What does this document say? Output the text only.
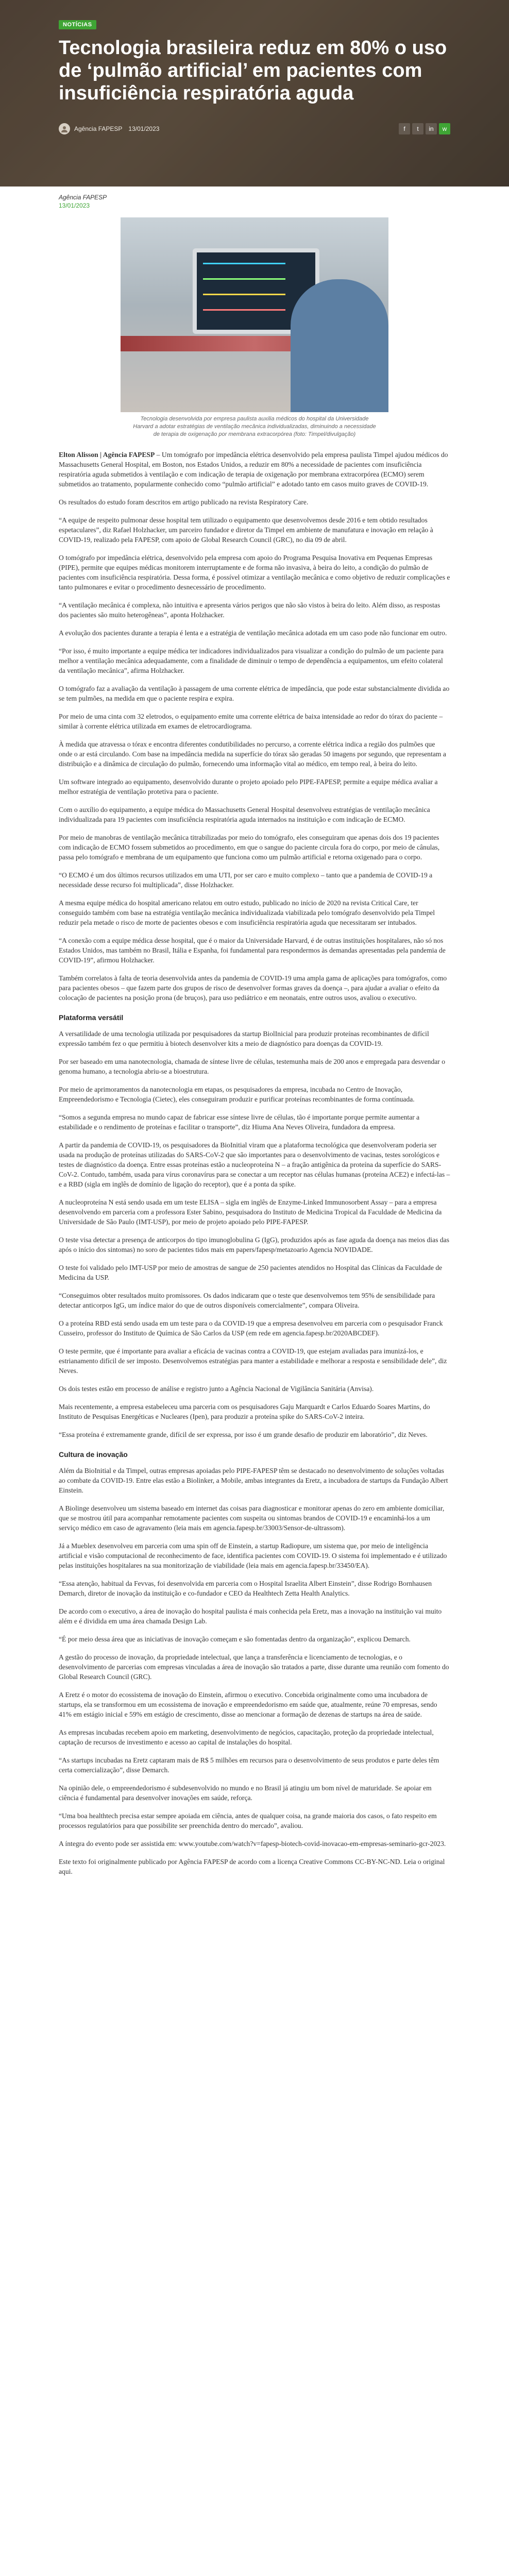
NOTÍCIAS
Tecnologia brasileira reduz em 80% o uso de ‘pulmão artificial’ em pacientes com insuficiência respiratória aguda
Agência FAPESP 13/01/2023	f	t	in	w
Agência FAPESP
13/01/2023
Tecnologia desenvolvida por empresa paulista auxilia médicos do hospital da Universidade Harvard a adotar estratégias de ventilação mecânica individualizadas, diminuindo a necessidade de terapia de oxigenação por membrana extracorpórea (foto: Timpel/divulgação)

Elton Alisson | Agência FAPESP – Um tomógrafo por impedância elétrica desenvolvido pela empresa paulista Timpel ajudou médicos do Massachusetts General Hospital, em Boston, nos Estados Unidos, a reduzir em 80% a necessidade de pacientes com insuficiência respiratória aguda submetidos à ventilação e com indicação de terapia de oxigenação por membrana extracorpórea (ECMO) serem submetidos ao tratamento, popularmente conhecido como “pulmão artificial” e adotado tanto em casos muito graves de COVID-19.

Os resultados do estudo foram descritos em artigo publicado na revista Respiratory Care.

“A equipe de respeito pulmonar desse hospital tem utilizado o equipamento que desenvolvemos desde 2016 e tem obtido resultados espetaculares”, diz Rafael Holzhacker, um parceiro fundador e diretor da Timpel em ambiente de manufatura e inovação em relação à COVID-19, realizado pela FAPESP, com apoio de Global Research Council (GRC), no dia 09 de abril.

O tomógrafo por impedância elétrica, desenvolvido pela empresa com apoio do Programa Pesquisa Inovativa em Pequenas Empresas (PIPE), permite que equipes médicas monitorem interruptamente e de forma não invasiva, à beira do leito, a condição do pulmão de pacientes com insuficiência respiratória. Dessa forma, é possível otimizar a ventilação mecânica e como objetivo de reduzir complicações e tanto pulmonares e evitar o procedimento desnecessário de procedimento.

“A ventilação mecânica é complexa, não intuitiva e apresenta vários perigos que não são vistos à beira do leito. Além disso, as respostas dos pacientes são muito heterogêneas”, aponta Holzhacker.

A evolução dos pacientes durante a terapia é lenta e a estratégia de ventilação mecânica adotada em um caso pode não funcionar em outro.

“Por isso, é muito importante a equipe médica ter indicadores individualizados para visualizar a condição do pulmão de um paciente para melhor a ventilação mecânica adequadamente, com a finalidade de diminuir o tempo de dependência a equipamentos, um efeito colateral da ventilação mecânica”, afirma Holzhacker.

O tomógrafo faz a avaliação da ventilação à passagem de uma corrente elétrica de impedância, que pode estar substancialmente dividida ao se tem pulmões, na medida em que o paciente respira e expira.

Por meio de uma cinta com 32 eletrodos, o equipamento emite uma corrente elétrica de baixa intensidade ao redor do tórax do paciente – similar à corrente elétrica utilizada em exames de eletrocardiograma.

À medida que atravessa o tórax e encontra diferentes condutibilidades no percurso, a corrente elétrica indica a região dos pulmões que onde o ar está circulando. Com base na impedância medida na superfície do tórax são geradas 50 imagens por segundo, que representam a distribuição e a dinâmica de circulação do pulmão, fornecendo uma informação vital ao médico, em tempo real, à beira do leito.

Um software integrado ao equipamento, desenvolvido durante o projeto apoiado pelo PIPE-FAPESP, permite a equipe médica avaliar a melhor estratégia de ventilação protetiva para o paciente.

Com o auxílio do equipamento, a equipe médica do Massachusetts General Hospital desenvolveu estratégias de ventilação mecânica individualizada para 19 pacientes com insuficiência respiratória aguda internados na instituição e com indicação de ECMO.

Por meio de manobras de ventilação mecânica titrabilizadas por meio do tomógrafo, eles conseguiram que apenas dois dos 19 pacientes com indicação de ECMO fossem submetidos ao procedimento, em que o sangue do paciente circula fora do corpo, por meio de cânulas, passa pelo tomógrafo e membrana de um equipamento que funciona como um pulmão artificial e retorna oxigenado para o corpo.

“O ECMO é um dos últimos recursos utilizados em uma UTI, por ser caro e muito complexo – tanto que a pandemia de COVID-19 a necessidade desse recurso foi multiplicada”, disse Holzhacker.

A mesma equipe médica do hospital americano relatou em outro estudo, publicado no início de 2020 na revista Critical Care, ter conseguido também com base na estratégia ventilação mecânica individualizada viabilizada pelo tomógrafo desenvolvido pela Timpel reduzir pela metade o risco de morte de pacientes obesos e com insuficiência respiratória aguda que necessitaram ser intubados.

“A conexão com a equipe médica desse hospital, que é o maior da Universidade Harvard, é de outras instituições hospitalares, não só nos Estados Unidos, mas também no Brasil, Itália e Espanha, foi fundamental para respondermos às demandas apresentadas pela pandemia de COVID-19”, afirmou Holzhacker.

Também correlatos à falta de teoria desenvolvida antes da pandemia de COVID-19 uma ampla gama de aplicações para tomógrafos, como para pacientes obesos – que fazem parte dos grupos de risco de desenvolver formas graves da doença –, para ajudar a avaliar o efeito da colocação de pacientes na posição prona (de bruços), para uso pediátrico e em neonatais, entre outros usos, avaliou o executivo.

Plataforma versátil

A versatilidade de uma tecnologia utilizada por pesquisadores da startup BiolInicial para produzir proteínas recombinantes de difícil expressão também fez o que permitiu à biotech desenvolver kits a meio de diagnóstico para doenças da COVID-19.

Por ser baseado em uma nanotecnologia, chamada de síntese livre de células, testemunha mais de 200 anos e empregada para desvendar o genoma humano, a tecnologia abriu-se a bioestrutura.

Por meio de aprimoramentos da nanotecnologia em etapas, os pesquisadores da empresa, incubada no Centro de Inovação, Empreendedorismo e Tecnologia (Cietec), eles conseguiram produzir e purificar proteínas recombinantes de forma contínuada.

“Somos a segunda empresa no mundo capaz de fabricar esse síntese livre de células, tão é importante porque permite aumentar a estabilidade e o rendimento de proteínas e facilitar o transporte”, diz Hiuma Ana Neves Oliveira, fundadora da empresa.

A partir da pandemia de COVID-19, os pesquisadores da BioInitial viram que a plataforma tecnológica que desenvolveram poderia ser usada na produção de proteínas utilizadas do SARS-CoV-2 que são importantes para o desenvolvimento de vacinas, testes sorológicos e testes de diagnóstico da doença. Entre essas proteínas estão a nucleoproteína N – a fração antigênica da proteína da superfície do SARS-CoV-2. Contudo, também, usada para vírus coronavírus para se conectar a um receptor nas células humanas (proteína ACE2) e infectá-las – e a RBD (sigla em inglês de domínio de ligação do receptor), que é a ponta da spike.

A nucleoproteína N está sendo usada em um teste ELISA – sigla em inglês de Enzyme-Linked Immunosorbent Assay – para a empresa desenvolvendo em parceria com a professora Ester Sabino, pesquisadora do Instituto de Medicina Tropical da Faculdade de Medicina da Universidade de São Paulo (IMT-USP), por meio de projeto apoiado pelo PIPE-FAPESP.

O teste visa detectar a presença de anticorpos do tipo imunoglobulina G (IgG), produzidos após as fase aguda da doença nas meios dias das após o início dos sintomas) no soro de pacientes tidos mais em papers/fapesp/metazoario Agencia NOVIDADE.

O teste foi validado pelo IMT-USP por meio de amostras de sangue de 250 pacientes atendidos no Hospital das Clínicas da Faculdade de Medicina da USP.

“Conseguimos obter resultados muito promissores. Os dados indicaram que o teste que desenvolvemos tem 95% de sensibilidade para detectar anticorpos IgG, um índice maior do que de outros disponíveis comercialmente”, compara Oliveira.

O a proteína RBD está sendo usada em um teste para o da COVID-19 que a empresa desenvolveu em parceria com o pesquisador Franck Cusseiro, professor do Instituto de Química de São Carlos da USP (em rede em agencia.fapesp.br/2020ABCDEF).

O teste permite, que é importante para avaliar a eficácia de vacinas contra a COVID-19, que estejam avaliadas para imunizá-los, e estrianamento difícil de ser imposto. Desenvolvemos estratégias para manter a estabilidade e melhorar a resposta e sensibilidade dele”, diz Neves.

Os dois testes estão em processo de análise e registro junto a Agência Nacional de Vigilância Sanitária (Anvisa).

Mais recentemente, a empresa estabeleceu uma parceria com os pesquisadores Gaju Marquardt e Carlos Eduardo Soares Martins, do Instituto de Pesquisas Energéticas e Nucleares (Ipen), para produzir a proteína spike do SARS-CoV-2 inteira.

“Essa proteína é extremamente grande, difícil de ser expressa, por isso é um grande desafio de produzir em laboratório”, diz Neves.

Cultura de inovação

Além da BioInitial e da Timpel, outras empresas apoiadas pelo PIPE-FAPESP têm se destacado no desenvolvimento de soluções voltadas ao combate da COVID-19. Entre elas estão a Biolinker, a Mobile, ambas integrantes da Eretz, a incubadora de startups da Fundação Albert Einstein.

A Biolinge desenvolveu um sistema baseado em internet das coisas para diagnosticar e monitorar apenas do zero em ambiente domiciliar, que se mostrou útil para acompanhar remotamente pacientes com suspeita ou sintomas brandos de COVID-19 e encaminhá-los a um serviço médico em caso de agravamento (leia mais em agencia.fapesp.br/33003/Sensor-de-ultrassom).

Já a Mueblex desenvolveu em parceria com uma spin off de Einstein, a startup Radiopure, um sistema que, por meio de inteligência artificial e visão computacional de reconhecimento de face, identifica pacientes com COVID-19. O sistema foi implementado e é utilizado pelas instituições hospitalares na sua monitorização de viabilidade (leia mais em agencia.fapesp.br/33450/EA).

“Essa atenção, habitual da Fevvas, foi desenvolvida em parceria com o Hospital Israelita Albert Einstein”, disse Rodrigo Bornhausen Demarch, diretor de inovação da instituição e co-fundador e CEO da Healthtech Zetta Health Analytics.

De acordo com o executivo, a área de inovação do hospital paulista é mais conhecida pela Eretz, mas a inovação na instituição vai muito além e é dividida em uma área chamada Design Lab.

“É por meio dessa área que as iniciativas de inovação começam e são fomentadas dentro da organização”, explicou Demarch.

A gestão do processo de inovação, da propriedade intelectual, que lança a transferência e licenciamento de tecnologias, e o desenvolvimento de parcerias com empresas vinculadas a área de inovação são tratados a parte, disse durante uma reunião com fomento do Global Research Council (GRC).

A Eretz é o motor do ecossistema de inovação do Einstein, afirmou o executivo. Concebida originalmente como uma incubadora de startups, ela se transformou em um ecossistema de inovação e empreendedorismo em saúde que, atualmente, reúne 70 empresas, sendo 41% em estágio inicial e 59% em estágio de crescimento, disse ao mencionar a formação de dezenas de startups na área de saúde.

As empresas incubadas recebem apoio em marketing, desenvolvimento de negócios, capacitação, proteção da propriedade intelectual, captação de recursos de investimento e acesso ao capital de instalações do hospital.

“As startups incubadas na Eretz captaram mais de R$ 5 milhões em recursos para o desenvolvimento de seus produtos e parte deles têm certa comercialização”, disse Demarch.

Na opinião dele, o empreendedorismo é subdesenvolvido no mundo e no Brasil já atingiu um bom nível de maturidade. Se apoiar em ciência é fundamental para desenvolver inovações em saúde, reforça.

“Uma boa healthtech precisa estar sempre apoiada em ciência, antes de qualquer coisa, na grande maioria dos casos, o fato respeito em processos regulatórios para que possibilite ser preenchida dentro do mercado”, avaliou.

A íntegra do evento pode ser assistida em: www.youtube.com/watch?v=fapesp-biotech-covid-inovacao-em-empresas-seminario-gcr-2023.

Este texto foi originalmente publicado por Agência FAPESP de acordo com a licença Creative Commons CC-BY-NC-ND. Leia o original aqui.
